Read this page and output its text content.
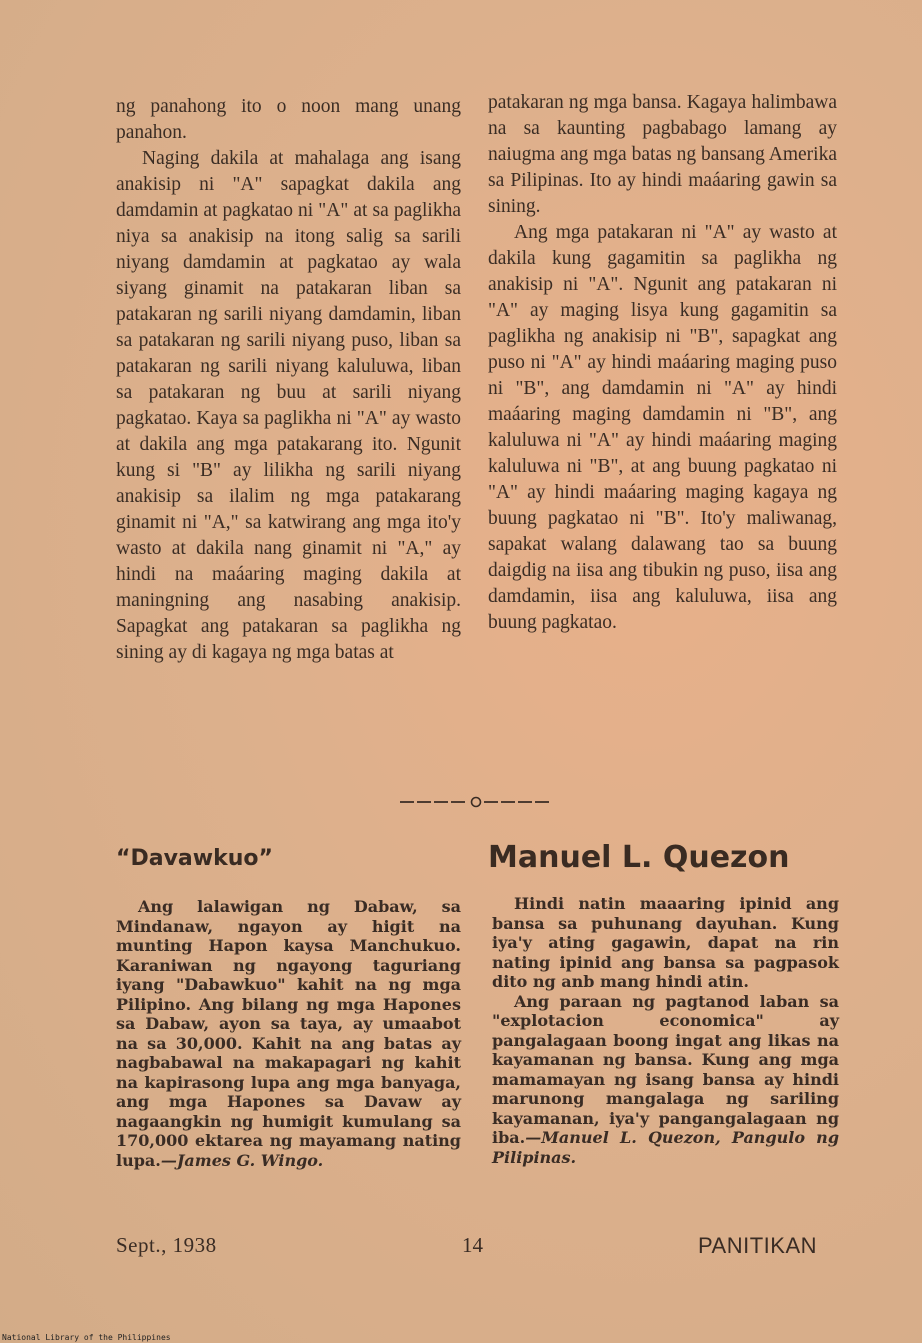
ng panahong ito o noon mang unang panahon.

Naging dakila at mahalaga ang isang anakisip ni "A" sapagkat dakila ang damdamin at pagkatao ni "A" at sa paglikha niya sa anakisip na itong salig sa sarili niyang damdamin at pagkatao ay wala siyang ginamit na patakaran liban sa patakaran ng sarili niyang damdamin, liban sa patakaran ng sarili niyang puso, liban sa patakaran ng sarili niyang kaluluwa, liban sa patakaran ng buu at sarili niyang pagkatao. Kaya sa paglikha ni "A" ay wasto at dakila ang mga patakarang ito. Ngunit kung si "B" ay lilikha ng sarili niyang anakisip sa ilalim ng mga patakarang ginamit ni "A," sa katwirang ang mga ito'y wasto at dakila nang ginamit ni "A," ay hindi na maáaring maging dakila at maningning ang nasabing anakisip. Sapagkat ang patakaran sa paglikha ng sining ay di kagaya ng mga batas at

patakaran ng mga bansa. Kagaya halimbawa na sa kaunting pagbabago lamang ay naiugma ang mga batas ng bansang Amerika sa Pilipinas. Ito ay hindi maáaring gawin sa sining.

Ang mga patakaran ni "A" ay wasto at dakila kung gagamitin sa paglikha ng anakisip ni "A". Ngunit ang patakaran ni "A" ay maging lisya kung gagamitin sa paglikha ng anakisip ni "B", sapagkat ang puso ni "A" ay hindi maáaring maging puso ni "B", ang damdamin ni "A" ay hindi maáaring maging damdamin ni "B", ang kaluluwa ni "A" ay hindi maáaring maging kaluluwa ni "B", at ang buung pagkatao ni "A" ay hindi maáaring maging kagaya ng buung pagkatao ni "B". Ito'y maliwanag, sapakat walang dalawang tao sa buung daigdig na iisa ang tibukin ng puso, iisa ang damdamin, iisa ang kaluluwa, iisa ang buung pagkatao.

“Davawkuo”	Manuel L. Quezon

Ang lalawigan ng Dabaw, sa Mindanaw, ngayon ay higit na munting Hapon kaysa Manchukuo. Karaniwan ng ngayong taguriang iyang "Dabawkuo" kahit na ng mga Pilipino. Ang bilang ng mga Hapones sa Dabaw, ayon sa taya, ay umaabot na sa 30,000. Kahit na ang batas ay nagbabawal na makapagari ng kahit na kapirasong lupa ang mga banyaga, ang mga Hapones sa Davaw ay nagaangkin ng humigit kumulang sa 170,000 ektarea ng mayamang nating lupa.—James G. Wingo.

Hindi natin maaaring ipinid ang bansa sa puhunang dayuhan. Kung iya'y ating gagawin, dapat na rin nating ipinid ang bansa sa pagpasok dito ng anb mang hindi atin.

Ang paraan ng pagtanod laban sa "explotacion economica" ay pangalagaan boong ingat ang likas na kayamanan ng bansa. Kung ang mga mamamayan ng isang bansa ay hindi marunong mangalaga ng sariling kayamanan, iya'y pangangalagaan ng iba.—Manuel L. Quezon, Pangulo ng Pilipinas.

Sept., 1938	14	PANITIKAN
National Library of the Philippines
